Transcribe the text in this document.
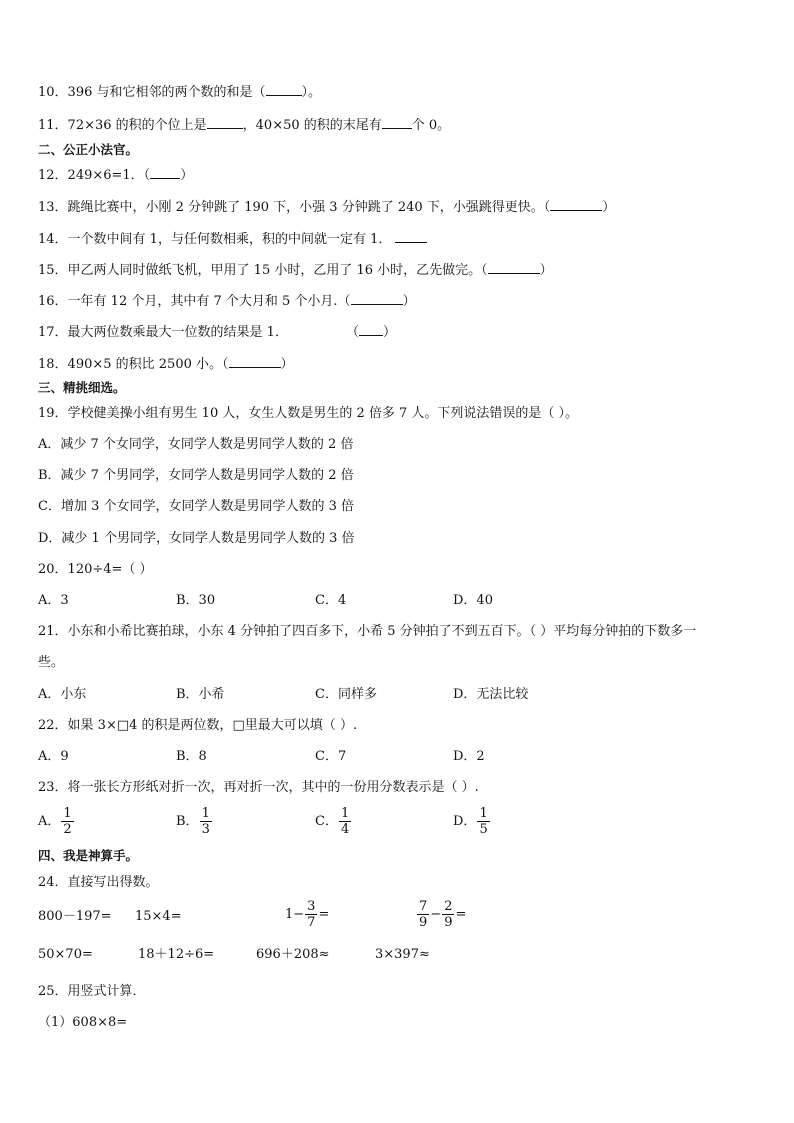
10．396 与和它相邻的两个数的和是（	）。
11．72×36 的积的个位上是	，40×50 的积的末尾有 个 0。
二、公正小法官。
12．249×6=1．（ ）
13．跳绳比赛中，小刚 2 分钟跳了 190 下，小强 3 分钟跳了 240 下，小强跳得更快。（	）
14．一个数中间有 1，与任何数相乘，积的中间就一定有 1．
15．甲乙两人同时做纸飞机，甲用了 15 小时，乙用了 16 小时，乙先做完。（	）
16．一年有 12 个月，其中有 7 个大月和 5 个小月.（	）
17．最大两位数乘最大一位数的结果是 1．	（ ）
18．490×5 的积比 2500 小。（	）
三、精挑细选。
19．学校健美操小组有男生 10 人，女生人数是男生的 2 倍多 7 人。下列说法错误的是（ ）。
A．减少 7 个女同学，女同学人数是男同学人数的 2 倍
B．减少 7 个男同学，女同学人数是男同学人数的 2 倍
C．增加 3 个女同学，女同学人数是男同学人数的 3 倍
D．减少 1 个男同学，女同学人数是男同学人数的 3 倍
20．120÷4=（ ）
A．3	B．30	C．4	D．40
21．小东和小希比赛拍球，小东 4 分钟拍了四百多下，小希 5 分钟拍了不到五百下。（ ）平均每分钟拍的下数多一
些。
A．小东	B．小希	C．同样多	D．无法比较
22．如果 3×□4 的积是两位数，□里最大可以填（ ）.
A．9	B．8	C．7	D．2
23．将一张长方形纸对折一次，再对折一次，其中的一份用分数表示是（ ）.
A． $\frac{1}{2}$	B． $\frac{1}{3}$	C． $\frac{1}{4}$	D． $\frac{1}{5}$
四、我是神算手。
24．直接写出得数。
800－197= 15×4=	$1- \frac{3}{7}$ =	$\frac{7}{9} - \frac{2}{9}$ =
50×70=	18＋12÷6=	696＋208≈	3×397≈
25．用竖式计算．
（1）608×8=
